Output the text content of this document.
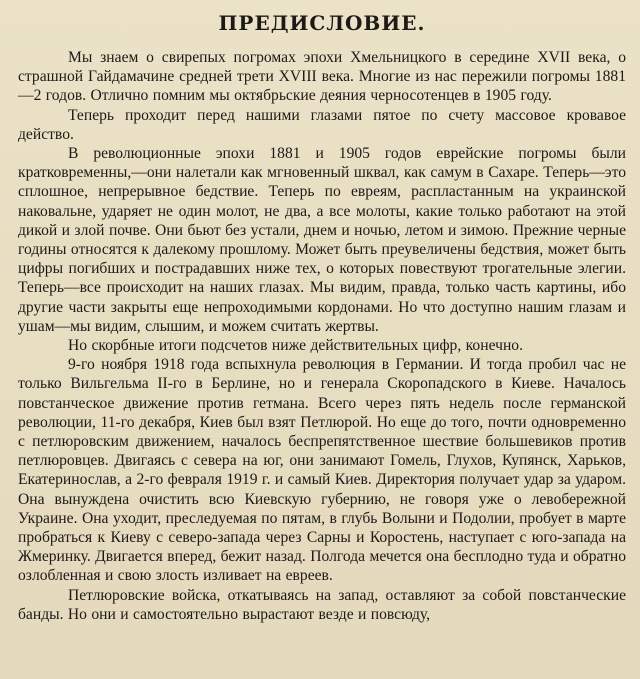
ПРЕДИСЛОВИЕ.

Мы знаем о свирепых погромах эпохи Хмельницкого в середине XVII века, о страшной Гайдамачине средней трети XVIII века. Многие из нас пережили погромы 1881—2 годов. Отлично помним мы октябрьские деяния черносотенцев в 1905 году.

Теперь проходит перед нашими глазами пятое по счету массовое кровавое действо.

В революционные эпохи 1881 и 1905 годов еврейские погромы были кратковременны,—они налетали как мгновенный шквал, как самум в Сахаре. Теперь—это сплошное, непрерывное бедствие. Теперь по евреям, распластанным на украинской наковальне, ударяет не один молот, не два, а все молоты, какие только работают на этой дикой и злой почве. Они бьют без устали, днем и ночью, летом и зимою. Прежние черные годины относятся к далекому прошлому. Может быть преувеличены бедствия, может быть цифры погибших и пострадавших ниже тех, о которых повествуют трогательные элегии. Теперь—все происходит на наших глазах. Мы видим, правда, только часть картины, ибо другие части закрыты еще непроходимыми кордонами. Но что доступно нашим глазам и ушам—мы видим, слышим, и можем считать жертвы.

Но скорбные итоги подсчетов ниже действительных цифр, конечно.

9-го ноября 1918 года вспыхнула революция в Германии. И тогда пробил час не только Вильгельма II-го в Берлине, но и генерала Скоропадского в Киеве. Началось повстанческое движение против гетмана. Всего через пять недель после германской революции, 11-го декабря, Киев был взят Петлюрой. Но еще до того, почти одновременно с петлюровским движением, началось беспрепятственное шествие большевиков против петлюровцев. Двигаясь с севера на юг, они занимают Гомель, Глухов, Купянск, Харьков, Екатеринослав, а 2-го февраля 1919 г. и самый Киев. Директория получает удар за ударом. Она вынуждена очистить всю Киевскую губернию, не говоря уже о левобережной Украине. Она уходит, преследуемая по пятам, в глубь Волыни и Подолии, пробует в марте пробраться к Киеву с северо-запада через Сарны и Коростень, наступает с юго-запада на Жмеринку. Двигается вперед, бежит назад. Полгода мечется она бесплодно туда и обратно озлобленная и свою злость изливает на евреев.

Петлюровские войска, откатываясь на запад, оставляют за собой повстанческие банды. Но они и самостоятельно вырастают везде и повсюду,
